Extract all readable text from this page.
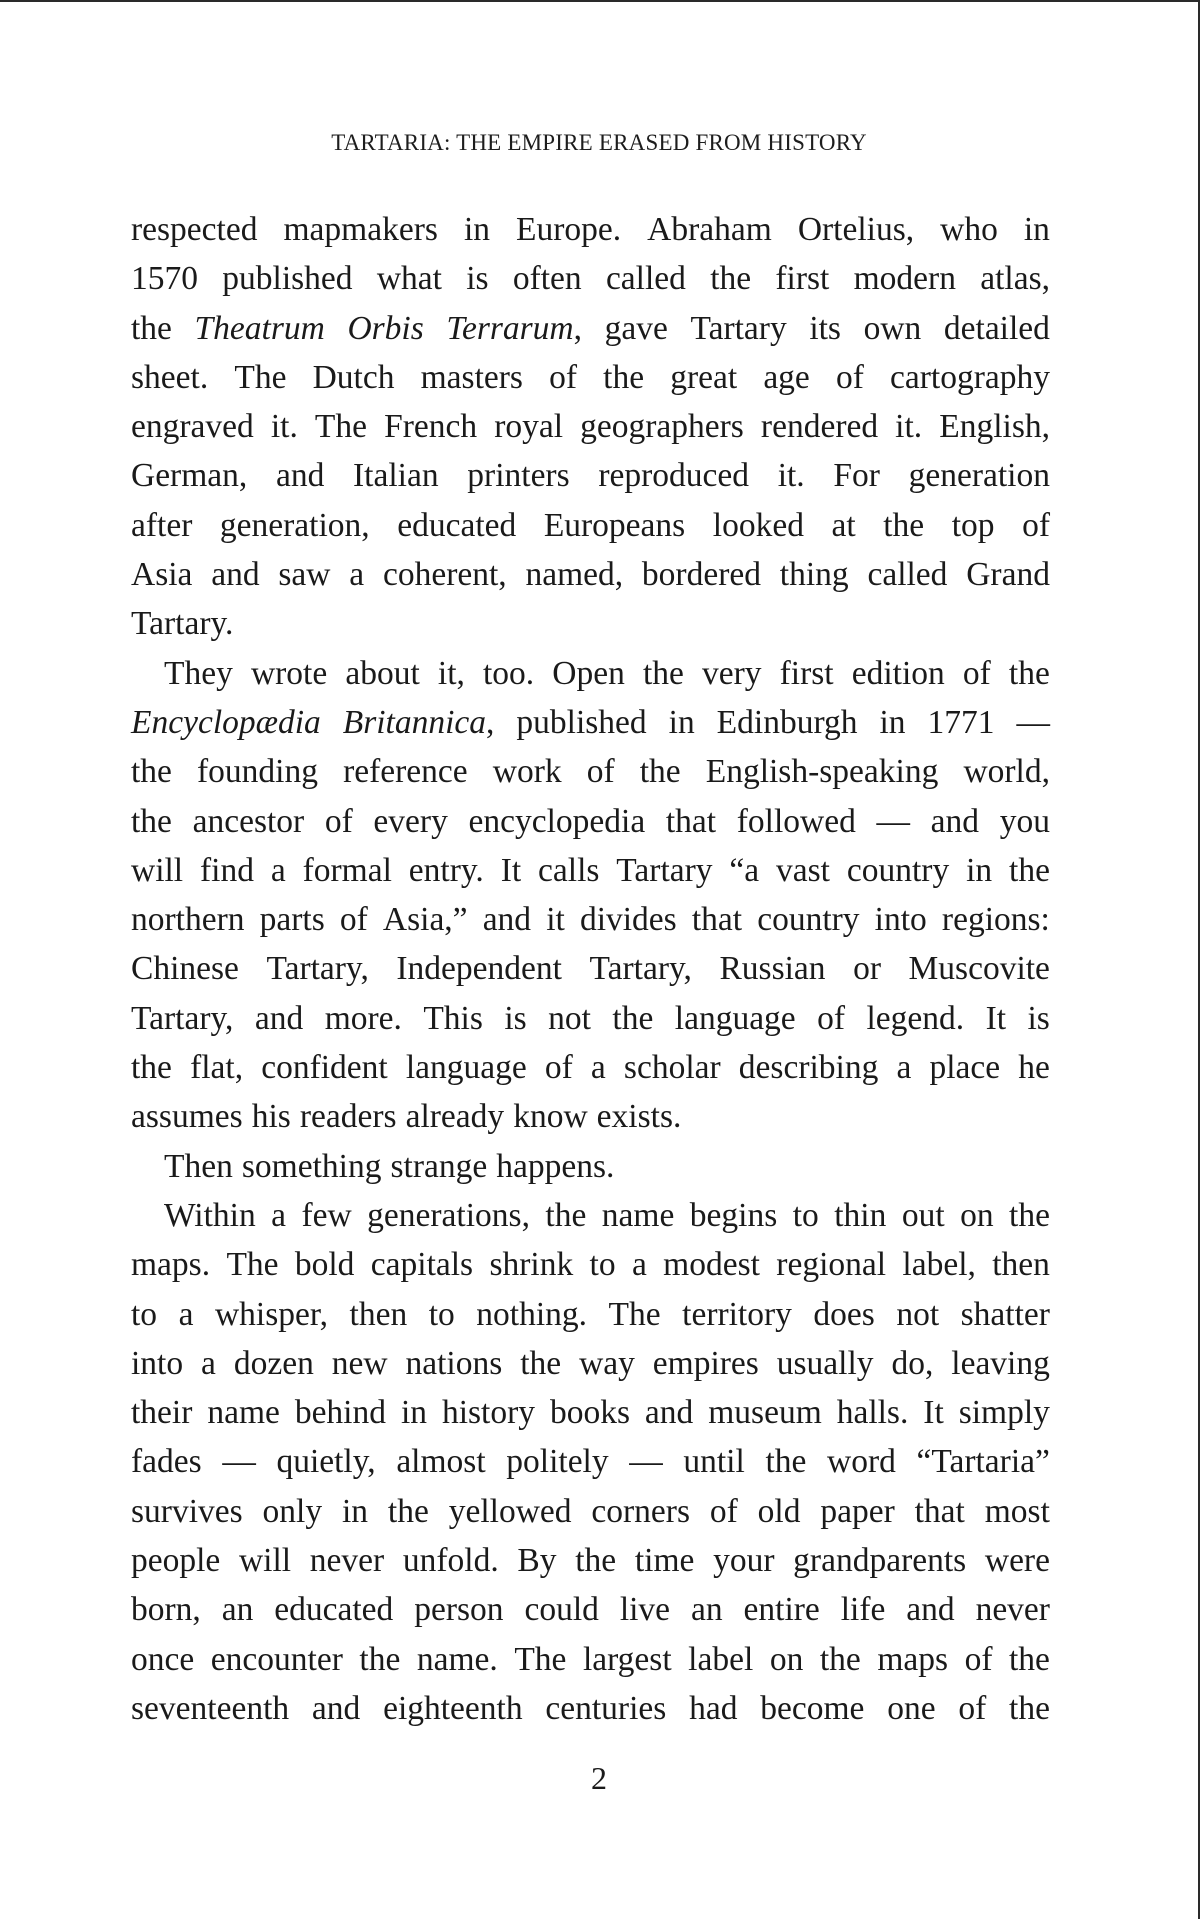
TARTARIA: THE EMPIRE ERASED FROM HISTORY
respected mapmakers in Europe. Abraham Ortelius, who in
1570 published what is often called the first modern atlas,
the Theatrum Orbis Terrarum, gave Tartary its own detailed
sheet. The Dutch masters of the great age of cartography
engraved it. The French royal geographers rendered it. English,
German, and Italian printers reproduced it. For generation
after generation, educated Europeans looked at the top of
Asia and saw a coherent, named, bordered thing called Grand
Tartary.
They wrote about it, too. Open the very first edition of the
Encyclopædia Britannica, published in Edinburgh in 1771 —
the founding reference work of the English-speaking world,
the ancestor of every encyclopedia that followed — and you
will find a formal entry. It calls Tartary “a vast country in the
northern parts of Asia,” and it divides that country into regions:
Chinese Tartary, Independent Tartary, Russian or Muscovite
Tartary, and more. This is not the language of legend. It is
the flat, confident language of a scholar describing a place he
assumes his readers already know exists.
Then something strange happens.
Within a few generations, the name begins to thin out on the
maps. The bold capitals shrink to a modest regional label, then
to a whisper, then to nothing. The territory does not shatter
into a dozen new nations the way empires usually do, leaving
their name behind in history books and museum halls. It simply
fades — quietly, almost politely — until the word “Tartaria”
survives only in the yellowed corners of old paper that most
people will never unfold. By the time your grandparents were
born, an educated person could live an entire life and never
once encounter the name. The largest label on the maps of the
seventeenth and eighteenth centuries had become one of the
2
